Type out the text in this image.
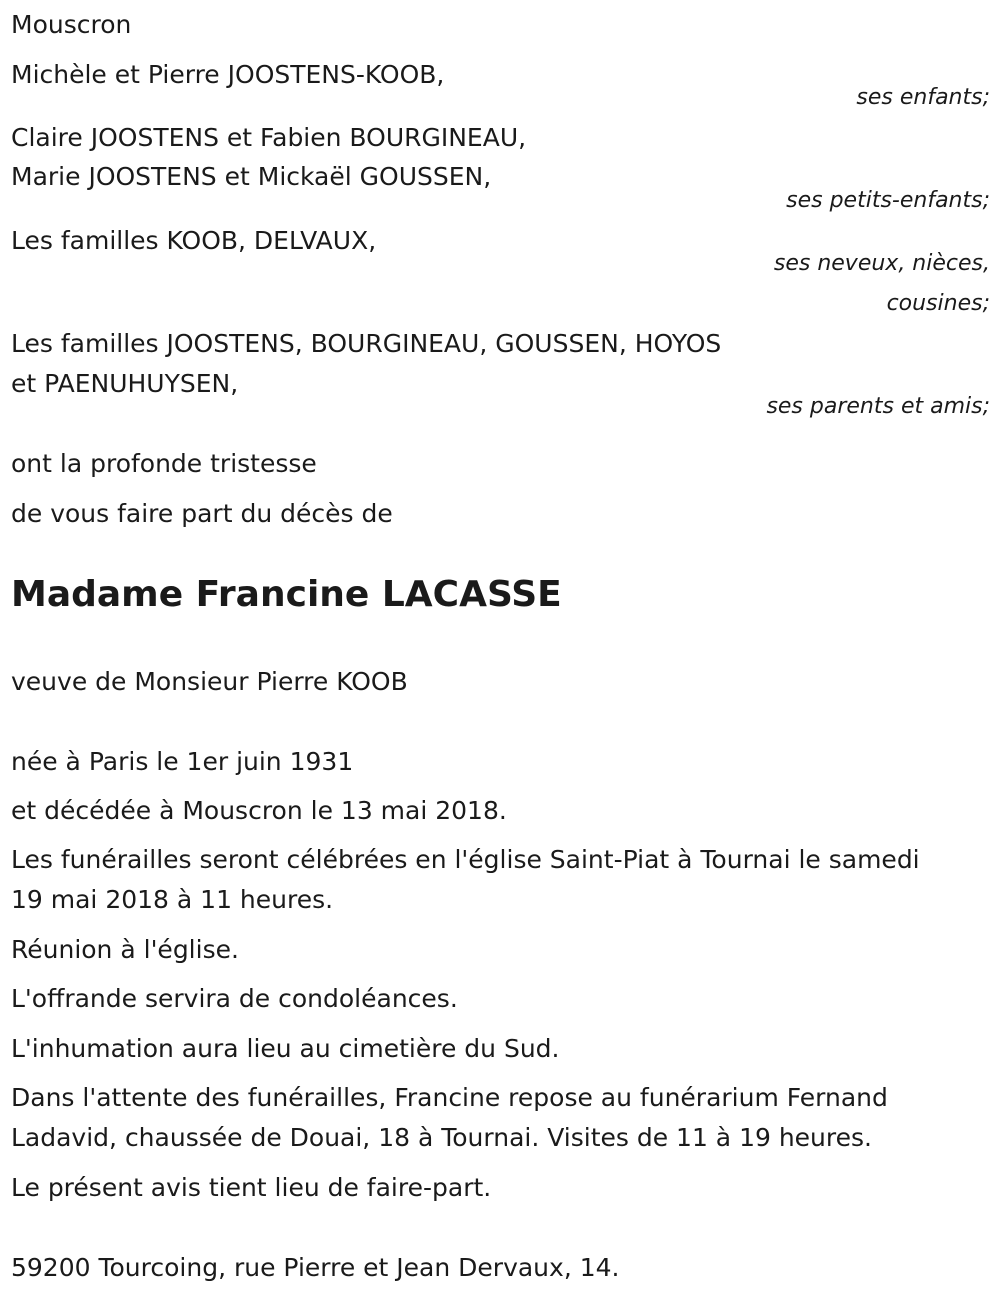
Mouscron
Michèle et Pierre JOOSTENS-KOOB,
ses enfants;
Claire JOOSTENS et Fabien BOURGINEAU,
Marie JOOSTENS et Mickaël GOUSSEN,
ses petits-enfants;
Les familles KOOB, DELVAUX,
ses neveux, nièces,
cousines;
Les familles JOOSTENS, BOURGINEAU, GOUSSEN, HOYOS
et PAENUHUYSEN,
ses parents et amis;
ont la profonde tristesse
de vous faire part du décès de
Madame Francine LACASSE
veuve de Monsieur Pierre KOOB
née à Paris le 1er juin 1931
et décédée à Mouscron le 13 mai 2018.
Les funérailles seront célébrées en l'église Saint-Piat à Tournai le samedi
19 mai 2018 à 11 heures.
Réunion à l'église.
L'offrande servira de condoléances.
L'inhumation aura lieu au cimetière du Sud.
Dans l'attente des funérailles, Francine repose au funérarium Fernand
Ladavid, chaussée de Douai, 18 à Tournai. Visites de 11 à 19 heures.
Le présent avis tient lieu de faire-part.
59200 Tourcoing, rue Pierre et Jean Dervaux, 14.
